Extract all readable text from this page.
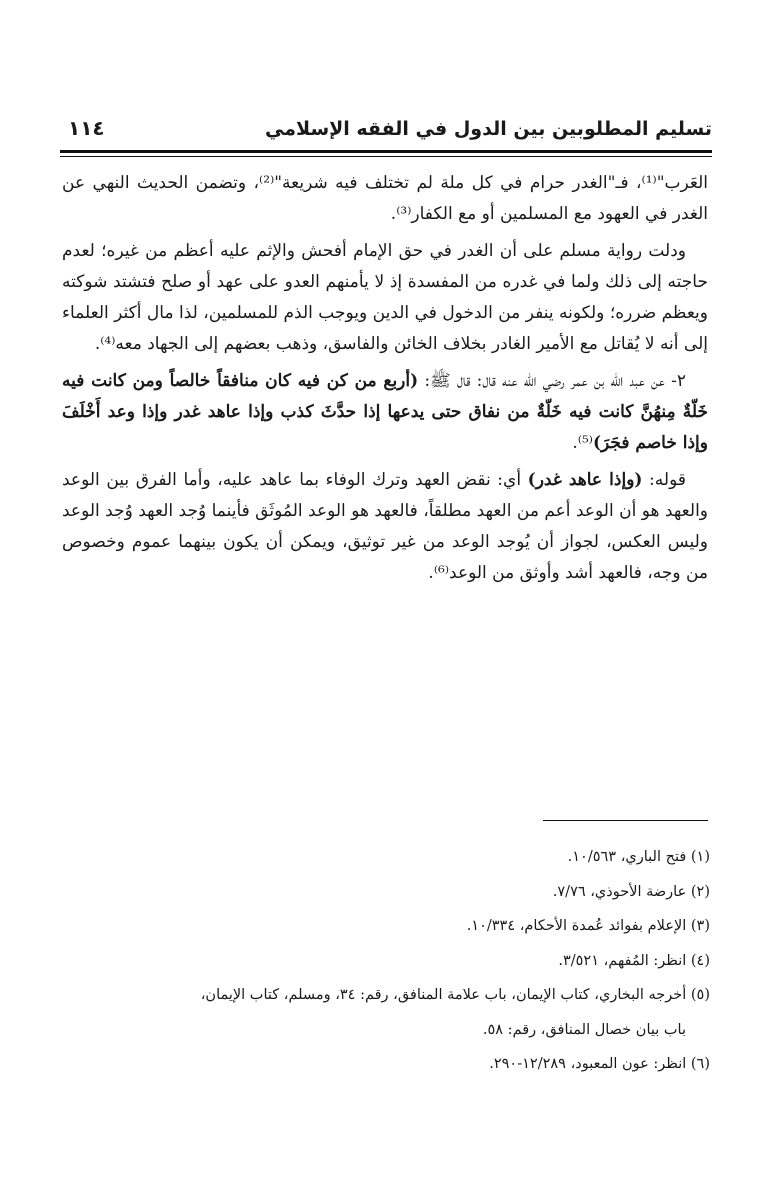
تسليم المطلوبين بين الدول في الفقه الإسلامي
١١٤

العَرب"⁽¹⁾، فـ"الغدر حرام في كل ملة لم تختلف فيه شريعة"⁽²⁾، وتضمن الحديث النهي عن الغدر في العهود مع المسلمين أو مع الكفار⁽³⁾.

ودلت رواية مسلم على أن الغدر في حق الإمام أفحش والإثم عليه أعظم من غيره؛ لعدم حاجته إلى ذلك ولما في غدره من المفسدة إذ لا يأمنهم العدو على عهد أو صلح فتشتد شوكته ويعظم ضرره؛ ولكونه ينفر من الدخول في الدين ويوجب الذم للمسلمين، لذا مال أكثر العلماء إلى أنه لا يُقاتل مع الأمير الغادر بخلاف الخائن والفاسق، وذهب بعضهم إلى الجهاد معه⁽⁴⁾.

٢- عن عبد الله بن عمر رضي الله عنه قال: قال ﷺ: (أربع من كن فيه كان منافقاً خالصاً ومن كانت فيه خَلّةٌ مِنهُنَّ كانت فيه خَلّةٌ من نفاق حتى يدعها إذا حدَّثَ كذب وإذا عاهد غدر وإذا وعد أَخْلَفَ وإذا خاصم فجَرَ)⁽⁵⁾.

قوله: (وإذا عاهد غدر) أي: نقض العهد وترك الوفاء بما عاهد عليه، وأما الفرق بين الوعد والعهد هو أن الوعد أعم من العهد مطلقاً، فالعهد هو الوعد المُوثَق فأينما وُجد العهد وُجد الوعد وليس العكس، لجواز أن يُوجد الوعد من غير توثيق، ويمكن أن يكون بينهما عموم وخصوص من وجه، فالعهد أشد وأوثق من الوعد⁽⁶⁾.

(١) فتح الباري، ١٠/٥٦٣.

(٢) عارضة الأحوذي، ٧/٧٦.

(٣) الإعلام بفوائد عُمدة الأحكام، ١٠/٣٣٤.

(٤) انظر: المُفهم، ٣/٥٢١.

(٥) أخرجه البخاري، كتاب الإيمان، باب علامة المنافق، رقم: ٣٤، ومسلم، كتاب الإيمان،

باب بيان خصال المنافق، رقم: ٥٨.

(٦) انظر: عون المعبود، ١٢/٢٨٩-٢٩٠.
